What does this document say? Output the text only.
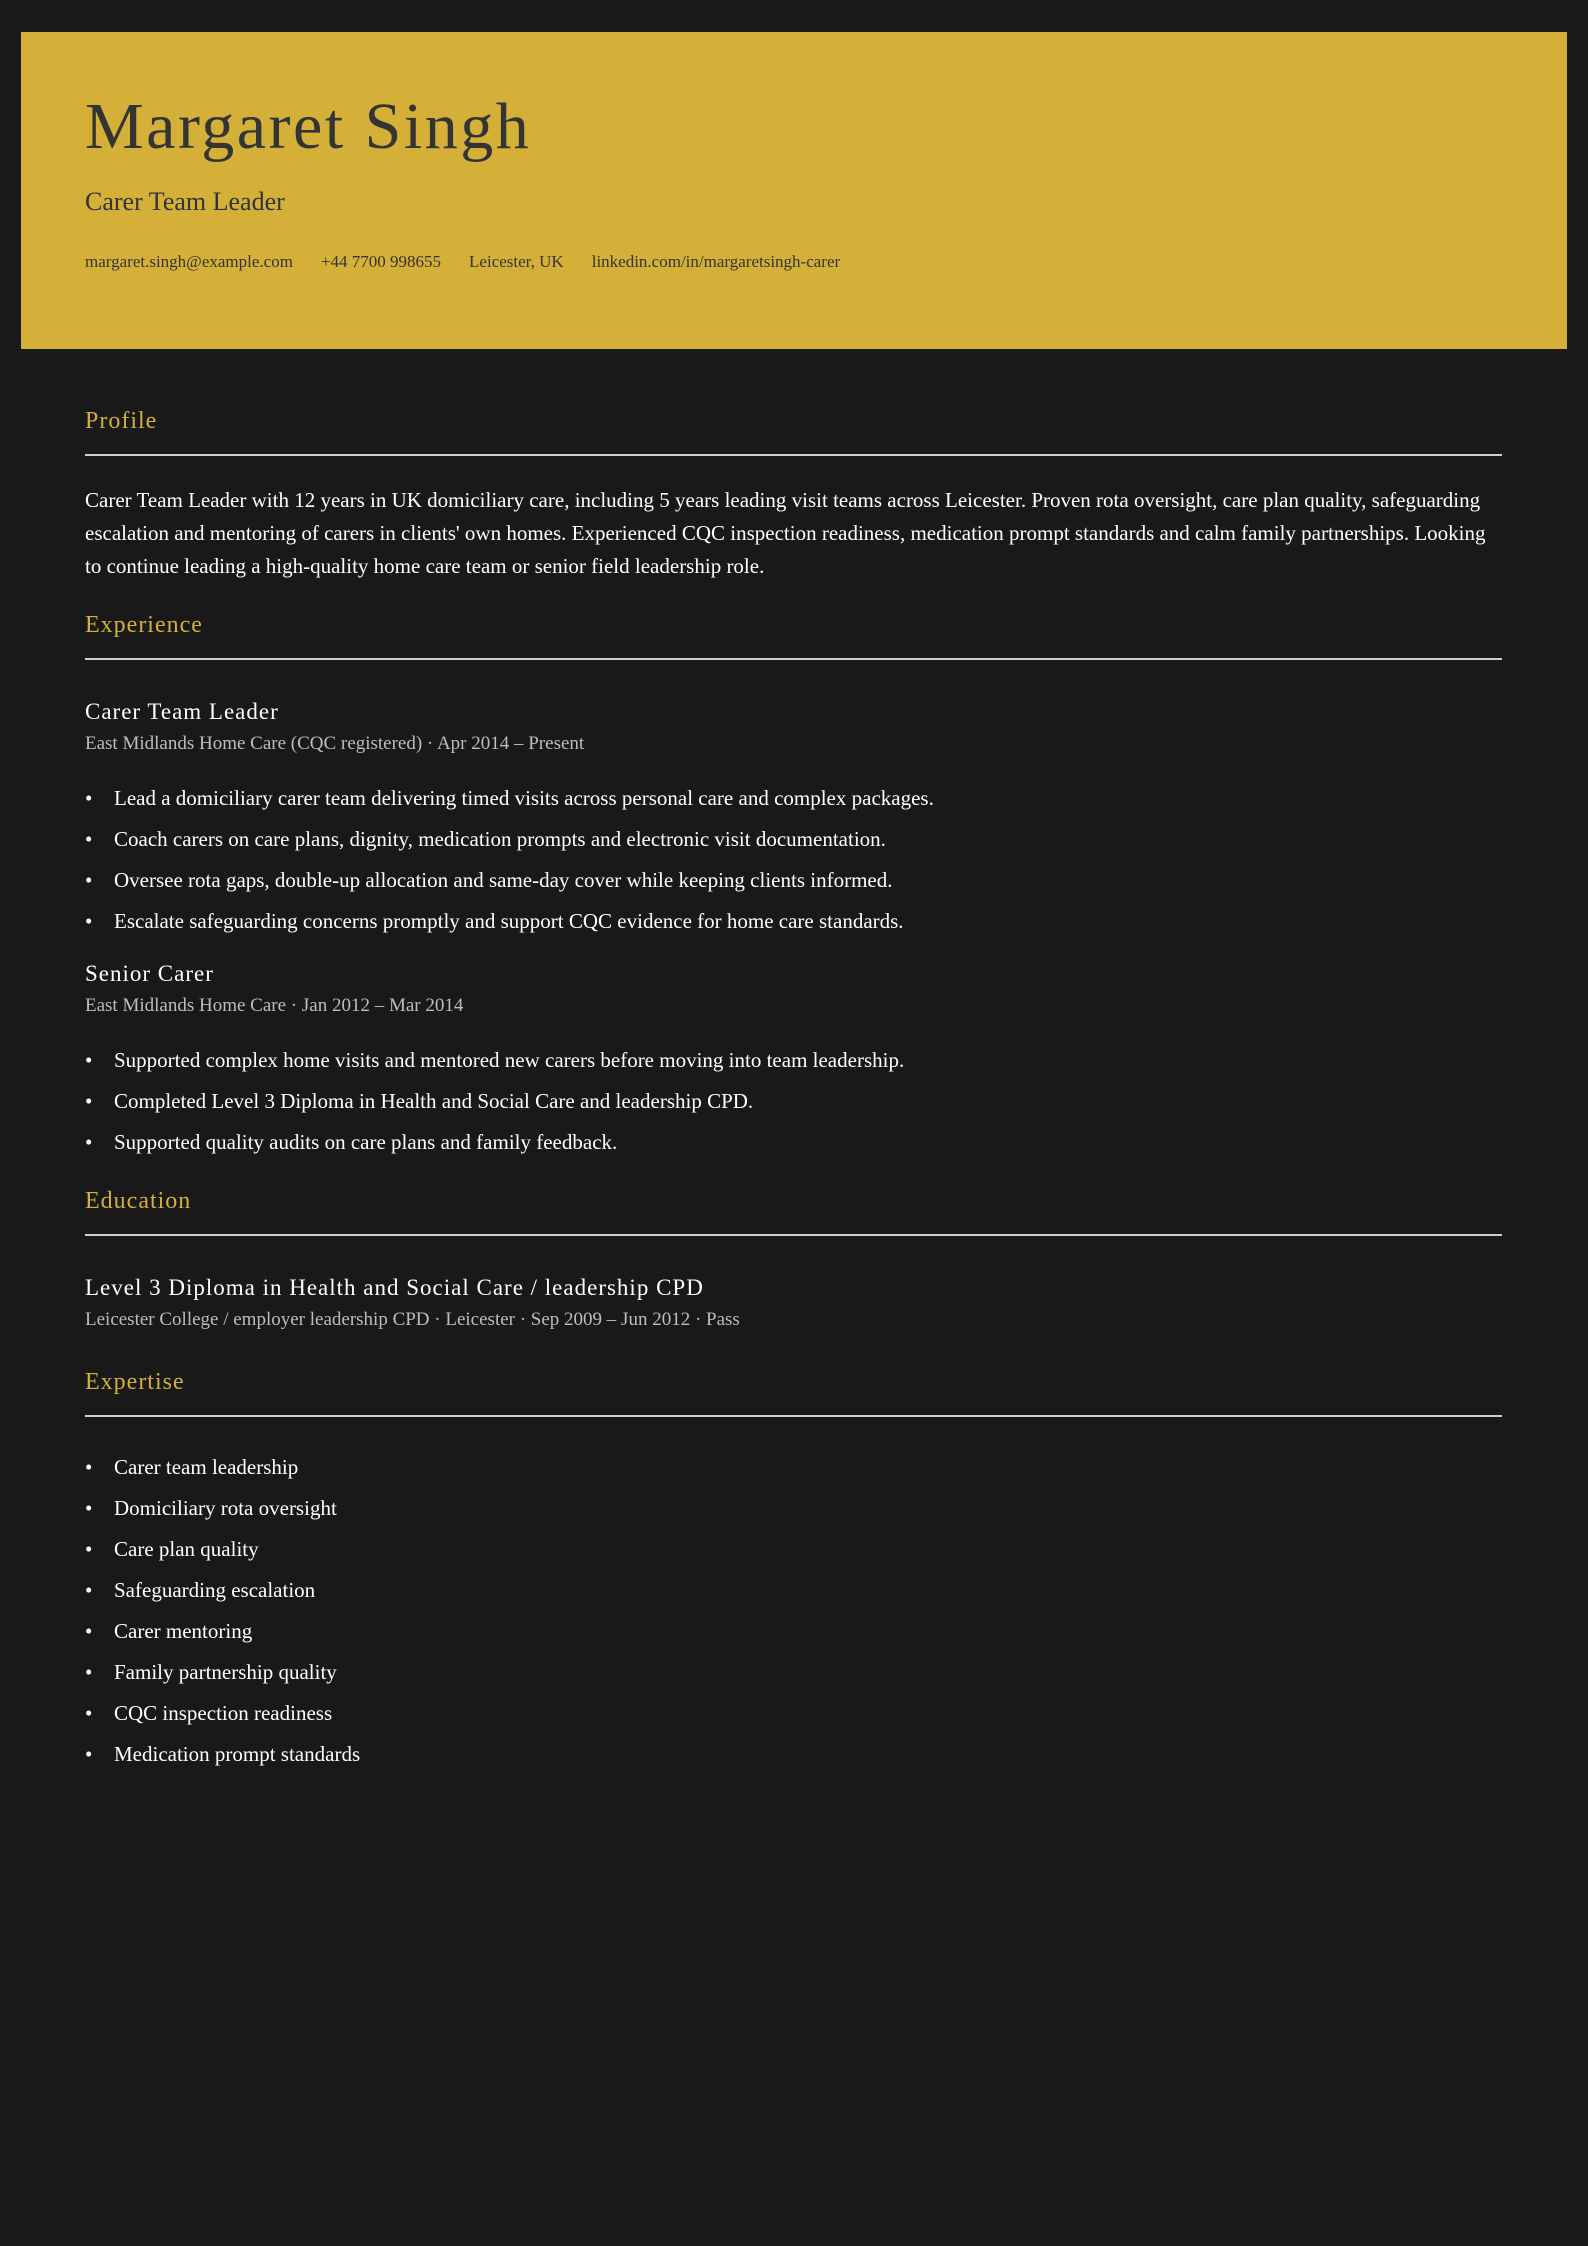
Margaret Singh
Carer Team Leader
margaret.singh@example.com +44 7700 998655 Leicester, UK linkedin.com/in/margaretsingh-carer
Profile

Carer Team Leader with 12 years in UK domiciliary care, including 5 years leading visit teams across Leicester. Proven rota oversight, care plan quality, safeguarding escalation and mentoring of carers in clients' own homes. Experienced CQC inspection readiness, medication prompt standards and calm family partnerships. Looking to continue leading a high-quality home care team or senior field leadership role.

Experience
Carer Team Leader

East Midlands Home Care (CQC registered) · Apr 2014 – Present

• Lead a domiciliary carer team delivering timed visits across personal care and complex packages.
• Coach carers on care plans, dignity, medication prompts and electronic visit documentation.
• Oversee rota gaps, double-up allocation and same-day cover while keeping clients informed.
• Escalate safeguarding concerns promptly and support CQC evidence for home care standards.
Senior Carer

East Midlands Home Care · Jan 2012 – Mar 2014

• Supported complex home visits and mentored new carers before moving into team leadership.
• Completed Level 3 Diploma in Health and Social Care and leadership CPD.
• Supported quality audits on care plans and family feedback.
Education
Level 3 Diploma in Health and Social Care / leadership CPD

Leicester College / employer leadership CPD · Leicester · Sep 2009 – Jun 2012 · Pass

Expertise
• Carer team leadership
• Domiciliary rota oversight
• Care plan quality
• Safeguarding escalation
• Carer mentoring
• Family partnership quality
• CQC inspection readiness
• Medication prompt standards
